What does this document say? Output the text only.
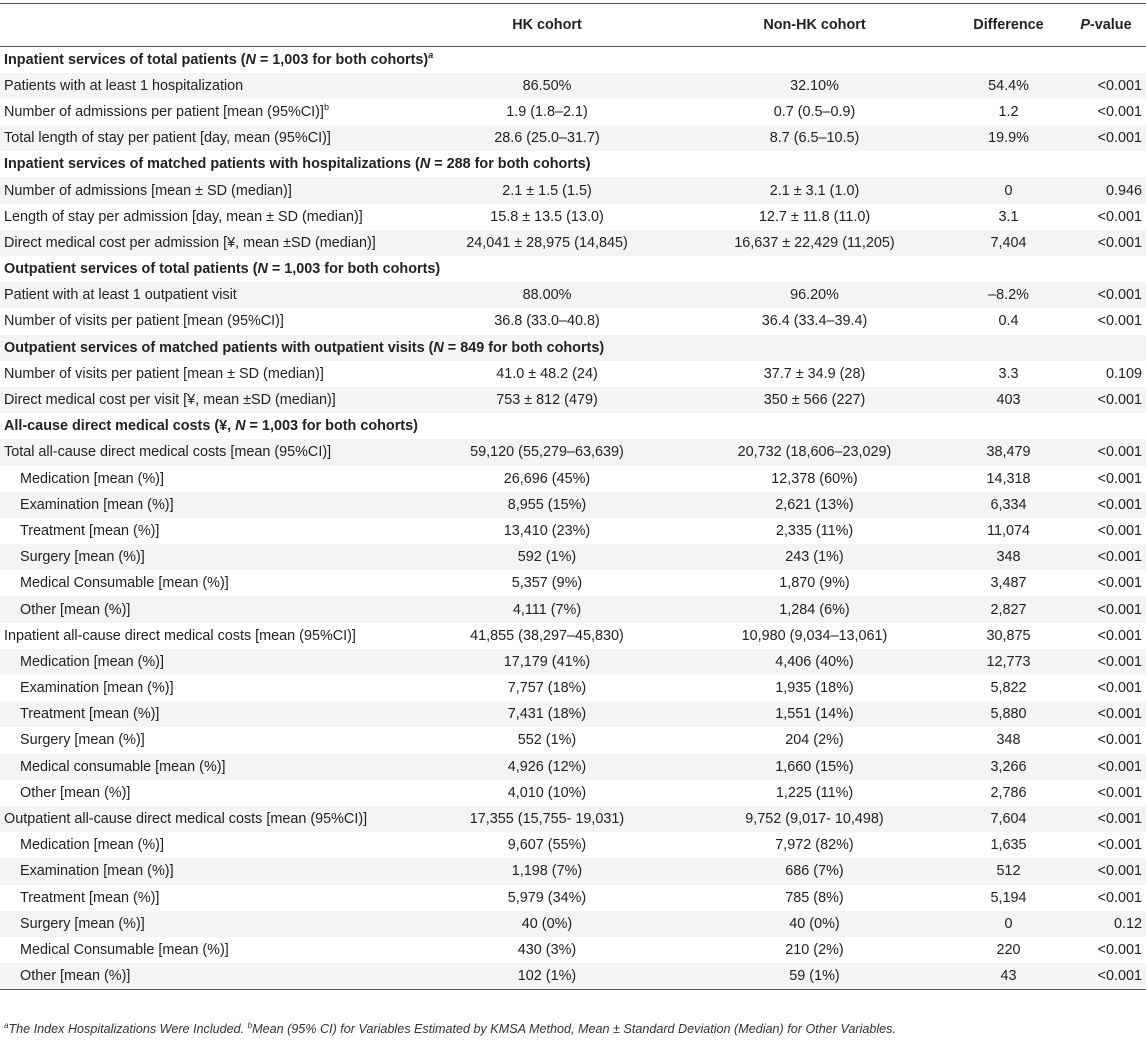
	HK cohort	Non-HK cohort	Difference	P-value
Inpatient services of total patients (N = 1,003 for both cohorts)$^a$
Patients with at least 1 hospitalization	86.50%	32.10%	54.4%	<0.001
Number of admissions per patient [mean (95%CI)]$^b$	1.9 (1.8–2.1)	0.7 (0.5–0.9)	1.2	<0.001
Total length of stay per patient [day, mean (95%CI)]	28.6 (25.0–31.7)	8.7 (6.5–10.5)	19.9%	<0.001
Inpatient services of matched patients with hospitalizations (N = 288 for both cohorts)				
Number of admissions [mean ± SD (median)]	2.1 ± 1.5 (1.5)	2.1 ± 3.1 (1.0)	0	0.946
Length of stay per admission [day, mean ± SD (median)]	15.8 ± 13.5 (13.0)	12.7 ± 11.8 (11.0)	3.1	<0.001
Direct medical cost per admission [¥, mean ±SD (median)]	24,041 ± 28,975 (14,845)	16,637 ± 22,429 (11,205)	7,404	<0.001
Outpatient services of total patients (N = 1,003 for both cohorts)				
Patient with at least 1 outpatient visit	88.00%	96.20%	–8.2%	<0.001
Number of visits per patient [mean (95%CI)]	36.8 (33.0–40.8)	36.4 (33.4–39.4)	0.4	<0.001
Outpatient services of matched patients with outpatient visits (N = 849 for both cohorts)				
Number of visits per patient [mean ± SD (median)]	41.0 ± 48.2 (24)	37.7 ± 34.9 (28)	3.3	0.109
Direct medical cost per visit [¥, mean ±SD (median)]	753 ± 812 (479)	350 ± 566 (227)	403	<0.001
All-cause direct medical costs (¥, N = 1,003 for both cohorts)				
Total all-cause direct medical costs [mean (95%CI)]	59,120 (55,279–63,639)	20,732 (18,606–23,029)	38,479	<0.001
Medication [mean (%)]	26,696 (45%)	12,378 (60%)	14,318	<0.001
Examination [mean (%)]	8,955 (15%)	2,621 (13%)	6,334	<0.001
Treatment [mean (%)]	13,410 (23%)	2,335 (11%)	11,074	<0.001
Surgery [mean (%)]	592 (1%)	243 (1%)	348	<0.001
Medical Consumable [mean (%)]	5,357 (9%)	1,870 (9%)	3,487	<0.001
Other [mean (%)]	4,111 (7%)	1,284 (6%)	2,827	<0.001
Inpatient all-cause direct medical costs [mean (95%CI)]	41,855 (38,297–45,830)	10,980 (9,034–13,061)	30,875	<0.001
Medication [mean (%)]	17,179 (41%)	4,406 (40%)	12,773	<0.001
Examination [mean (%)]	7,757 (18%)	1,935 (18%)	5,822	<0.001
Treatment [mean (%)]	7,431 (18%)	1,551 (14%)	5,880	<0.001
Surgery [mean (%)]	552 (1%)	204 (2%)	348	<0.001
Medical consumable [mean (%)]	4,926 (12%)	1,660 (15%)	3,266	<0.001
Other [mean (%)]	4,010 (10%)	1,225 (11%)	2,786	<0.001
Outpatient all-cause direct medical costs [mean (95%CI)]	17,355 (15,755- 19,031)	9,752 (9,017- 10,498)	7,604	<0.001
Medication [mean (%)]	9,607 (55%)	7,972 (82%)	1,635	<0.001
Examination [mean (%)]	1,198 (7%)	686 (7%)	512	<0.001
Treatment [mean (%)]	5,979 (34%)	785 (8%)	5,194	<0.001
Surgery [mean (%)]	40 (0%)	40 (0%)	0	0.12
Medical Consumable [mean (%)]	430 (3%)	210 (2%)	220	<0.001
Other [mean (%)]	102 (1%)	59 (1%)	43	<0.001
$^a$The Index Hospitalizations Were Included. $^b$Mean (95% CI) for Variables Estimated by KMSA Method, Mean ± Standard Deviation (Median) for Other Variables.
